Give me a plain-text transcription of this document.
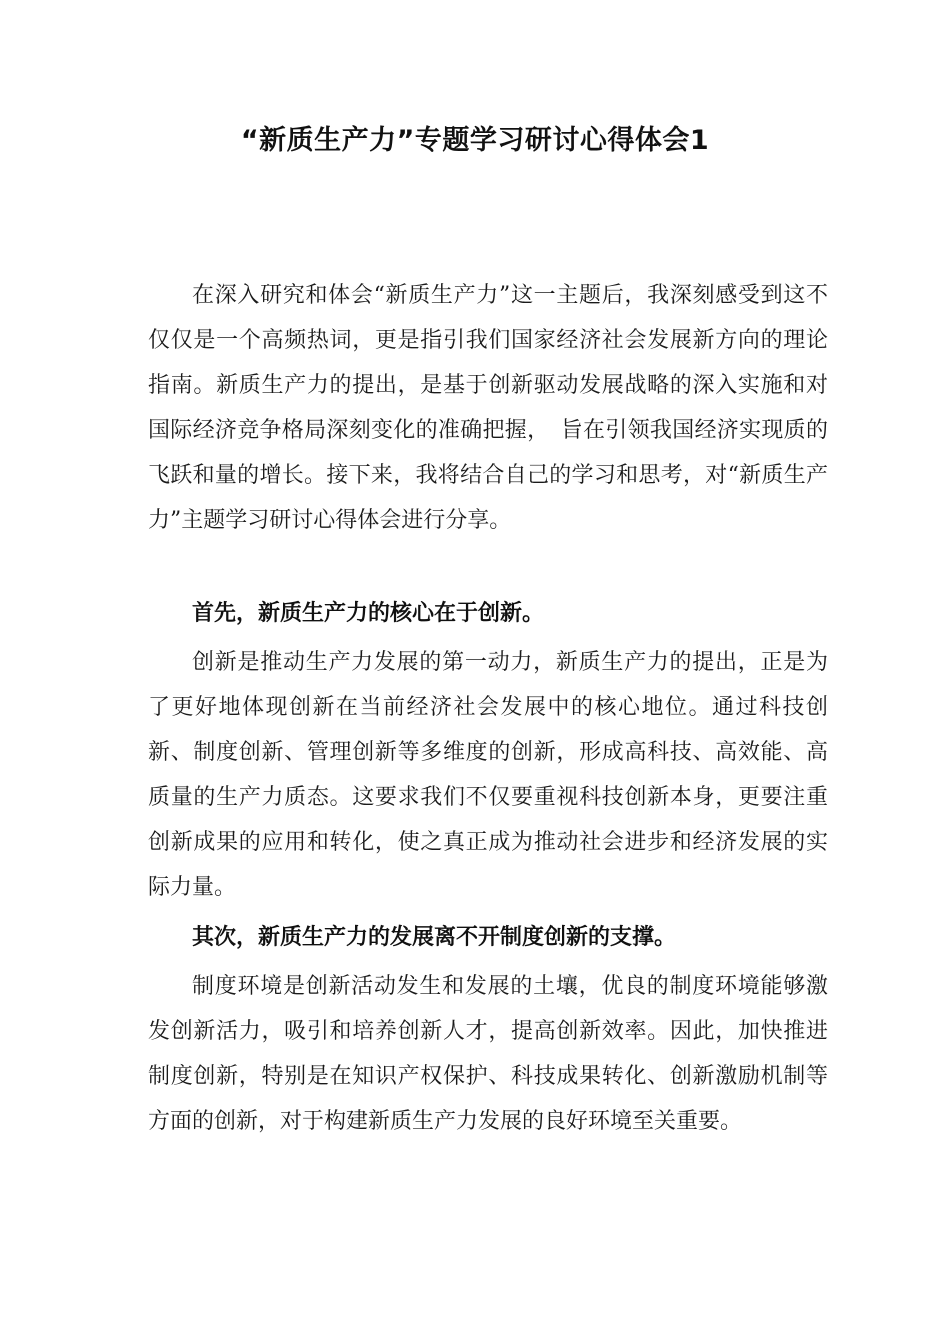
“新质生产力”专题学习研讨心得体会1

在深入研究和体会“新质生产力”这一主题后，我深刻感受到这不仅仅是一个高频热词，更是指引我们国家经济社会发展新方向的理论指南。新质生产力的提出，是基于创新驱动发展战略的深入实施和对国际经济竞争格局深刻变化的准确把握，　旨在引领我国经济实现质的飞跃和量的增长。接下来，我将结合自己的学习和思考，对“新质生产力”主题学习研讨心得体会进行分享。

首先，新质生产力的核心在于创新。

创新是推动生产力发展的第一动力，新质生产力的提出，正是为了更好地体现创新在当前经济社会发展中的核心地位。通过科技创新、制度创新、管理创新等多维度的创新，形成高科技、高效能、高质量的生产力质态。这要求我们不仅要重视科技创新本身，更要注重创新成果的应用和转化，使之真正成为推动社会进步和经济发展的实际力量。

其次，新质生产力的发展离不开制度创新的支撑。

制度环境是创新活动发生和发展的土壤，优良的制度环境能够激发创新活力，吸引和培养创新人才，提高创新效率。因此，加快推进制度创新，特别是在知识产权保护、科技成果转化、创新激励机制等方面的创新，对于构建新质生产力发展的良好环境至关重要。
